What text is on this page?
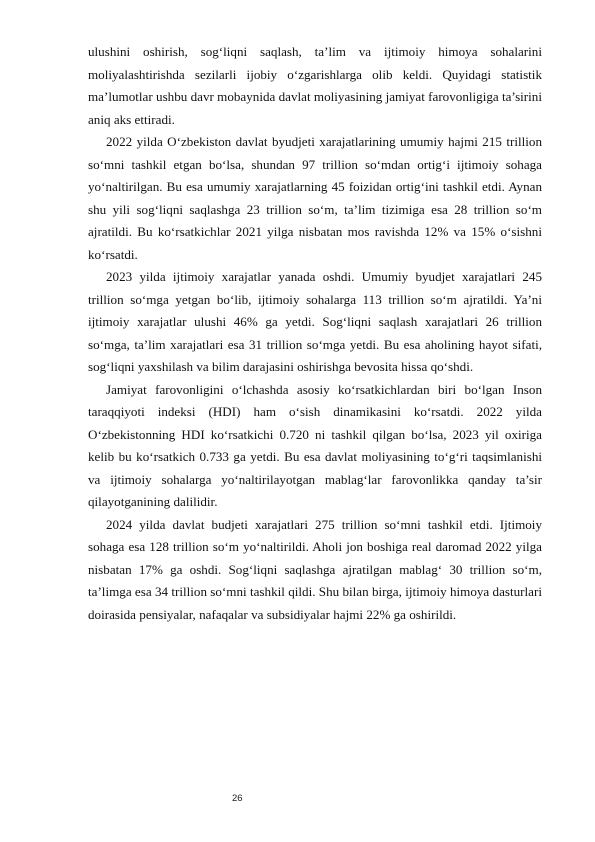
ulushini oshirish, sog‘liqni saqlash, ta’lim va ijtimoiy himoya sohalarini moliyalashtirishda sezilarli ijobiy o‘zgarishlarga olib keldi. Quyidagi statistik ma’lumotlar ushbu davr mobaynida davlat moliyasining jamiyat farovonligiga ta’sirini aniq aks ettiradi.

2022 yilda O‘zbekiston davlat byudjeti xarajatlarining umumiy hajmi 215 trillion so‘mni tashkil etgan bo‘lsa, shundan 97 trillion so‘mdan ortig‘i ijtimoiy sohaga yo‘naltirilgan. Bu esa umumiy xarajatlarning 45 foizidan ortig‘ini tashkil etdi. Aynan shu yili sog‘liqni saqlashga 23 trillion so‘m, ta’lim tizimiga esa 28 trillion so‘m ajratildi. Bu ko‘rsatkichlar 2021 yilga nisbatan mos ravishda 12% va 15% o‘sishni ko‘rsatdi.

2023 yilda ijtimoiy xarajatlar yanada oshdi. Umumiy byudjet xarajatlari 245 trillion so‘mga yetgan bo‘lib, ijtimoiy sohalarga 113 trillion so‘m ajratildi. Ya’ni ijtimoiy xarajatlar ulushi 46% ga yetdi. Sog‘liqni saqlash xarajatlari 26 trillion so‘mga, ta’lim xarajatlari esa 31 trillion so‘mga yetdi. Bu esa aholining hayot sifati, sog‘liqni yaxshilash va bilim darajasini oshirishga bevosita hissa qo‘shdi.

Jamiyat farovonligini o‘lchashda asosiy ko‘rsatkichlardan biri bo‘lgan Inson taraqqiyoti indeksi (HDI) ham o‘sish dinamikasini ko‘rsatdi. 2022 yilda O‘zbekistonning HDI ko‘rsatkichi 0.720 ni tashkil qilgan bo‘lsa, 2023 yil oxiriga kelib bu ko‘rsatkich 0.733 ga yetdi. Bu esa davlat moliyasining to‘g‘ri taqsimlanishi va ijtimoiy sohalarga yo‘naltirilayotgan mablag‘lar farovonlikka qanday ta’sir qilayotganining dalilidir.

2024 yilda davlat budjeti xarajatlari 275 trillion so‘mni tashkil etdi. Ijtimoiy sohaga esa 128 trillion so‘m yo‘naltirildi. Aholi jon boshiga real daromad 2022 yilga nisbatan 17% ga oshdi. Sog‘liqni saqlashga ajratilgan mablag‘ 30 trillion so‘m, ta’limga esa 34 trillion so‘mni tashkil qildi. Shu bilan birga, ijtimoiy himoya dasturlari doirasida pensiyalar, nafaqalar va subsidiyalar hajmi 22% ga oshirildi.

26
